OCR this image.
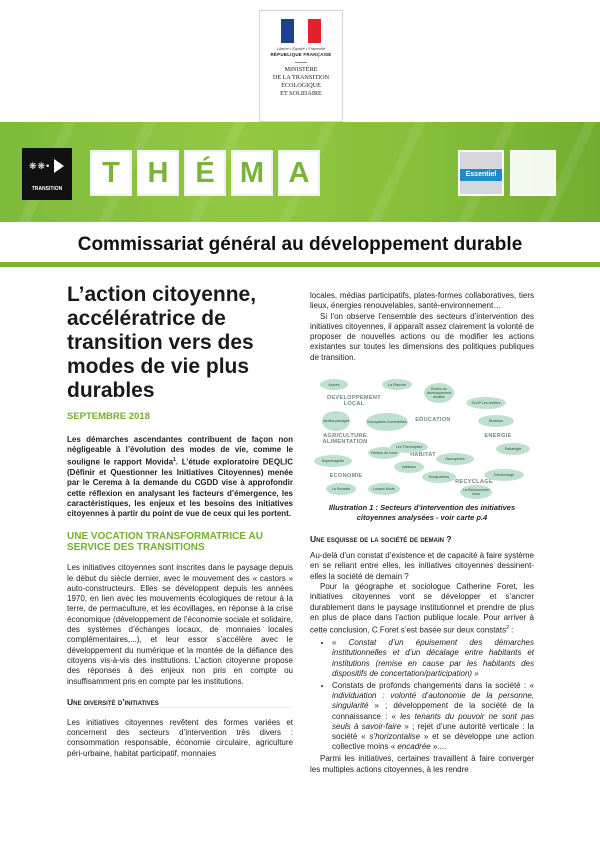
Liberté • Égalité • Fraternité
RÉPUBLIQUE FRANÇAISE
MINISTÈRE
DE LA TRANSITION
ÉCOLOGIQUE
ET SOLIDAIRE
❋❋•
TRANSITION
T H É M A	Essentiel
Commissariat général au développement durable
L’action citoyenne, accélératrice de transition vers des modes de vie plus durables
SEPTEMBRE 2018

Les démarches ascendantes contribuent de façon non négligeable à l’évolution des modes de vie, comme le souligne le rapport Movida$^1$. L’étude exploratoire DEQLIC (Définir et Questionner les Initiatives Citoyennes) menée par le Cerema à la demande du CGDD vise à approfondir cette réflexion en analysant les facteurs d’émergence, les caractéristiques, les enjeux et les besoins des initiatives citoyennes à partir du point de vue de ceux qui les portent.

UNE VOCATION TRANSFORMATRICE AU SERVICE DES TRANSITIONS

Les initiatives citoyennes sont inscrites dans le paysage depuis le début du siècle dernier, avec le mouvement des « castors » auto-constructeurs. Elles se développent depuis les années 1970, en lien avec les mouvements écologiques de retour à la terre, de permaculture, et les écovillages, en réponse à la crise économique (développement de l’économie sociale et solidaire, des systèmes d’échanges locaux, de monnaies locales complémentaires,...), et leur essor s’accélère avec le développement du numérique et la montée de la défiance des citoyens vis-à-vis des institutions. L’action citoyenne propose des réponses à des enjeux non pris en compte ou insuffisamment pris en compte par les institutions.

Une diversité d’initiatives

Les initiatives citoyennes revêtent des formes variées et concernent des secteurs d’intervention très divers : consommation responsable, économie circulaire, agriculture péri-urbaine, habitat participatif, monnaies

locales, médias participatifs, plates-formes collaboratives, tiers lieux, énergies renouvelables, santé-environnement…

Si l’on observe l’ensemble des secteurs d’intervention des initiatives citoyennes, il apparaît assez clairement la volonté de proposer de nouvelles actions ou de modifier les actions existantes sur toutes les dimensions des politiques publiques de transition.

DEVELOPPEMENT LOCAL
EDUCATION
AGRICULTURE ALIMENTATION
ENERGIE
HABITAT
ECONOMIE
RECYCLAGE
Ancrés	La Planche
Écoles du développement durable
SCoP Les Ateliers
Jardins partagés	Incroyables Comestibles	Dinamon
Pabaregie
Fermes de Lena
Les Thermopiles
Hamoprèles
Supermagette
Habitons
Ecoquartiers	Ceinturolege
La Sucrette	Locaux Mode	La Ressourcerie Vertu

Illustration 1 : Secteurs d’intervention des initiatives citoyennes analysées - voir carte p.4

Une esquisse de la société de demain ?

Au-delà d’un constat d’existence et de capacité à faire système en se reliant entre elles, les initiatives citoyennes dessinent-elles la société de demain ?

Pour la géographe et sociologue Catherine Foret, les initiatives citoyennes vont se développer et s’ancrer durablement dans le paysage institutionnel et prendre de plus en plus de place dans l’action publique locale. Pour arriver à cette conclusion, C.Foret s’est basée sur deux constats$^2$ :

• « Constat d’un épuisement des démarches institutionnelles et d’un décalage entre habitants et institutions (remise en cause par les habitants des dispositifs de concertation/participation) »
• Constats de profonds changements dans la société : « individuation : volonté d’autonomie de la personne, singularité » ; développement de la société de la connaissance : « les tenants du pouvoir ne sont pas seuls à savoir-faire » ; rejet d’une autorité verticale : la société « s’horizontalise » et se développe une action collective moins « encadrée »....

Parmi les initiatives, certaines travaillent à faire converger les multiples actions citoyennes, à les rendre
